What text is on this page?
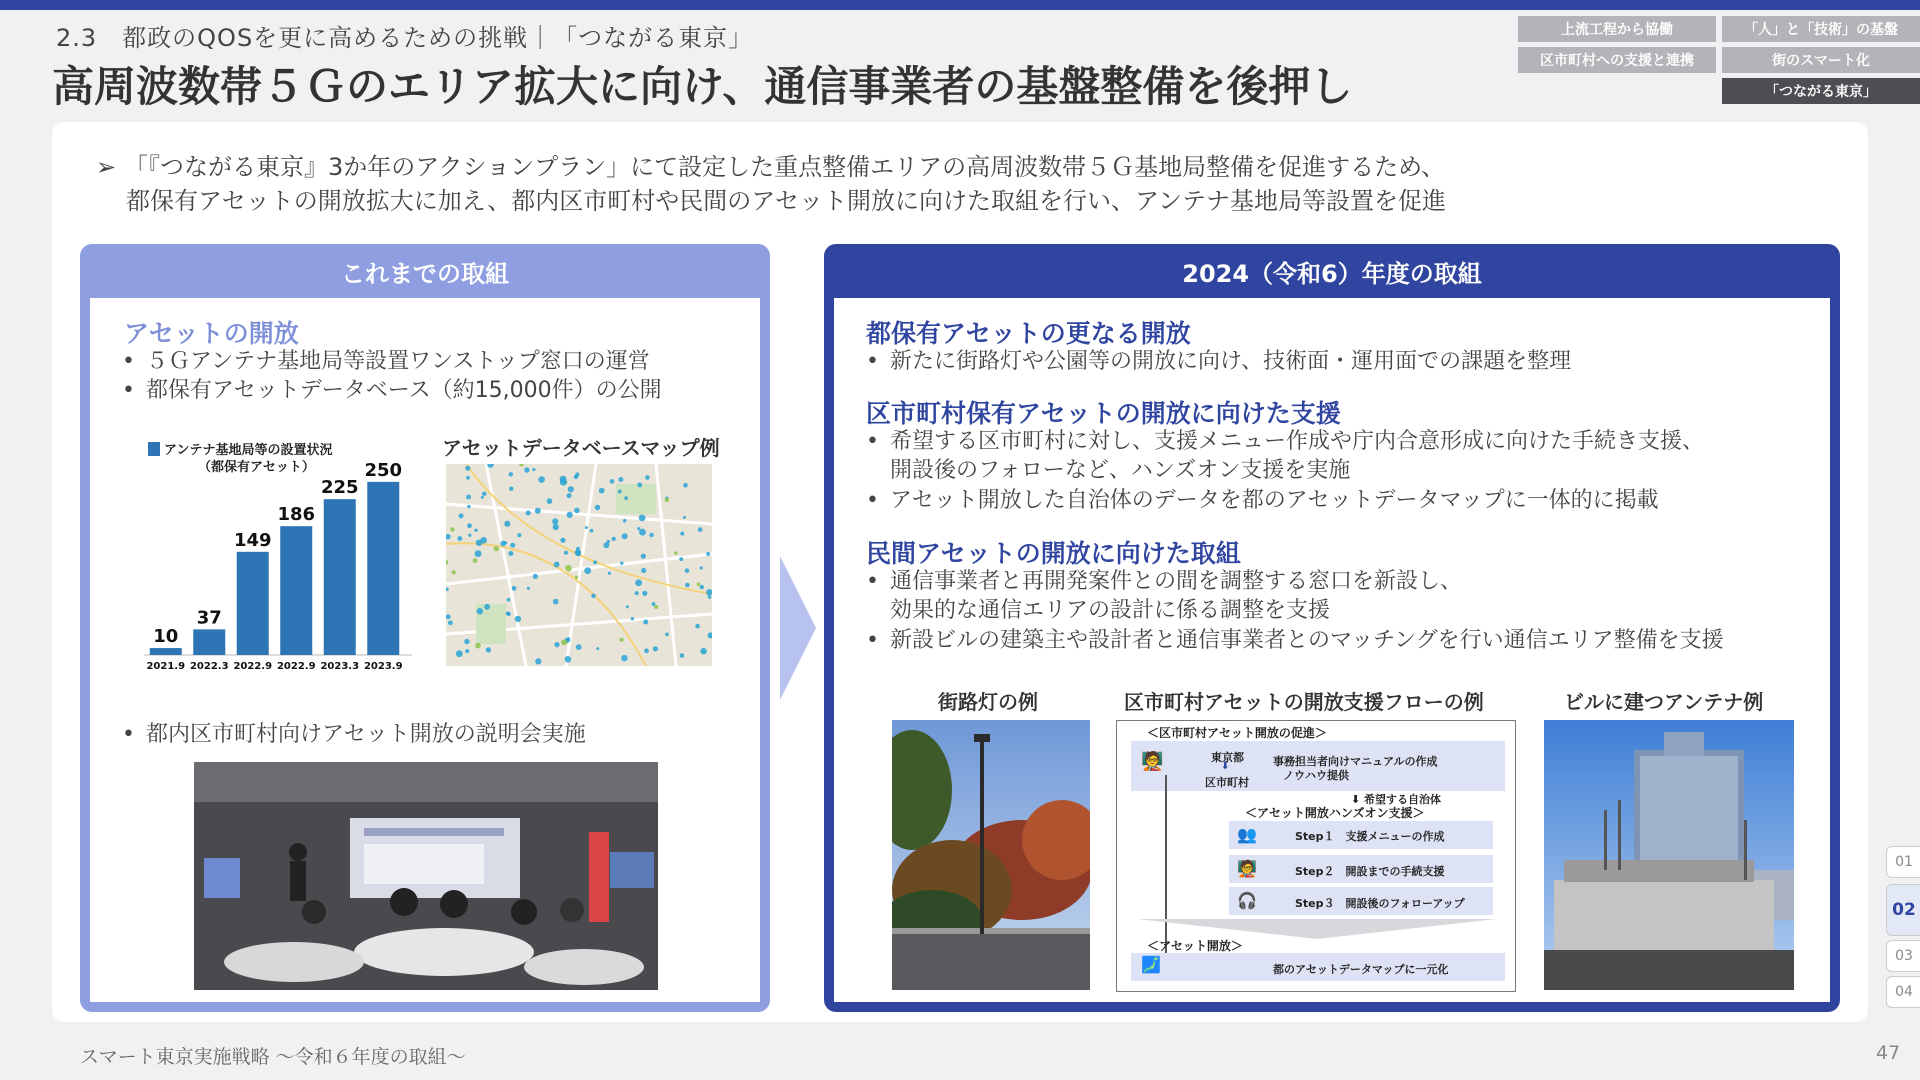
2.3　都政のQOSを更に高めるための挑戦｜「つながる東京」
高周波数帯５Ｇのエリア拡大に向け、通信事業者の基盤整備を後押し
上流工程から協働	「人」と「技術」の基盤
区市町村への支援と連携	街のスマート化
「つながる東京」
➢ 「『つながる東京』3か年のアクションプラン」にて設定した重点整備エリアの高周波数帯５Ｇ基地局整備を促進するため、
都保有アセットの開放拡大に加え、都内区市町村や民間のアセット開放に向けた取組を行い、アンテナ基地局等設置を促進
これまでの取組
アセットの開放
• ５Ｇアンテナ基地局等設置ワンストップ窓口の運営
• 都保有アセットデータベース（約15,000件）の公開
アンテナ基地局等の設置状況
（都保有アセット）
10
2021.9
37
2022.3
149
2022.9
186
2022.9
225
2023.3
250
2023.9
アセットデータベースマップ例
• 都内区市町村向けアセット開放の説明会実施
2024（令和6）年度の取組
都保有アセットの更なる開放
• 新たに街路灯や公園等の開放に向け、技術面・運用面での課題を整理
区市町村保有アセットの開放に向けた支援
• 希望する区市町村に対し、支援メニュー作成や庁内合意形成に向けた手続き支援、
開設後のフォローなど、ハンズオン支援を実施
• アセット開放した自治体のデータを都のアセットデータマップに一体的に掲載
民間アセットの開放に向けた取組
• 通信事業者と再開発案件との間を調整する窓口を新設し、
効果的な通信エリアの設計に係る調整を支援
• 新設ビルの建築主や設計者と通信事業者とのマッチングを行い通信エリア整備を支援
街路灯の例	区市町村アセットの開放支援フローの例	ビルに建つアンテナ例
＜区市町村アセット開放の促進＞
🧑‍🏫	東京都
⬇
区市町村
事務担当者向けマニュアルの作成
ノウハウ提供
⬇ 希望する自治体
＜アセット開放ハンズオン支援＞
👥	Step１　支援メニューの作成
🧑‍🏫	Step２　開設までの手続支援
🎧	Step３　開設後のフォローアップ
＜アセット開放＞
🗾	都のアセットデータマップに一元化
スマート東京実施戦略 ～令和６年度の取組～	47
01
02
03
04
